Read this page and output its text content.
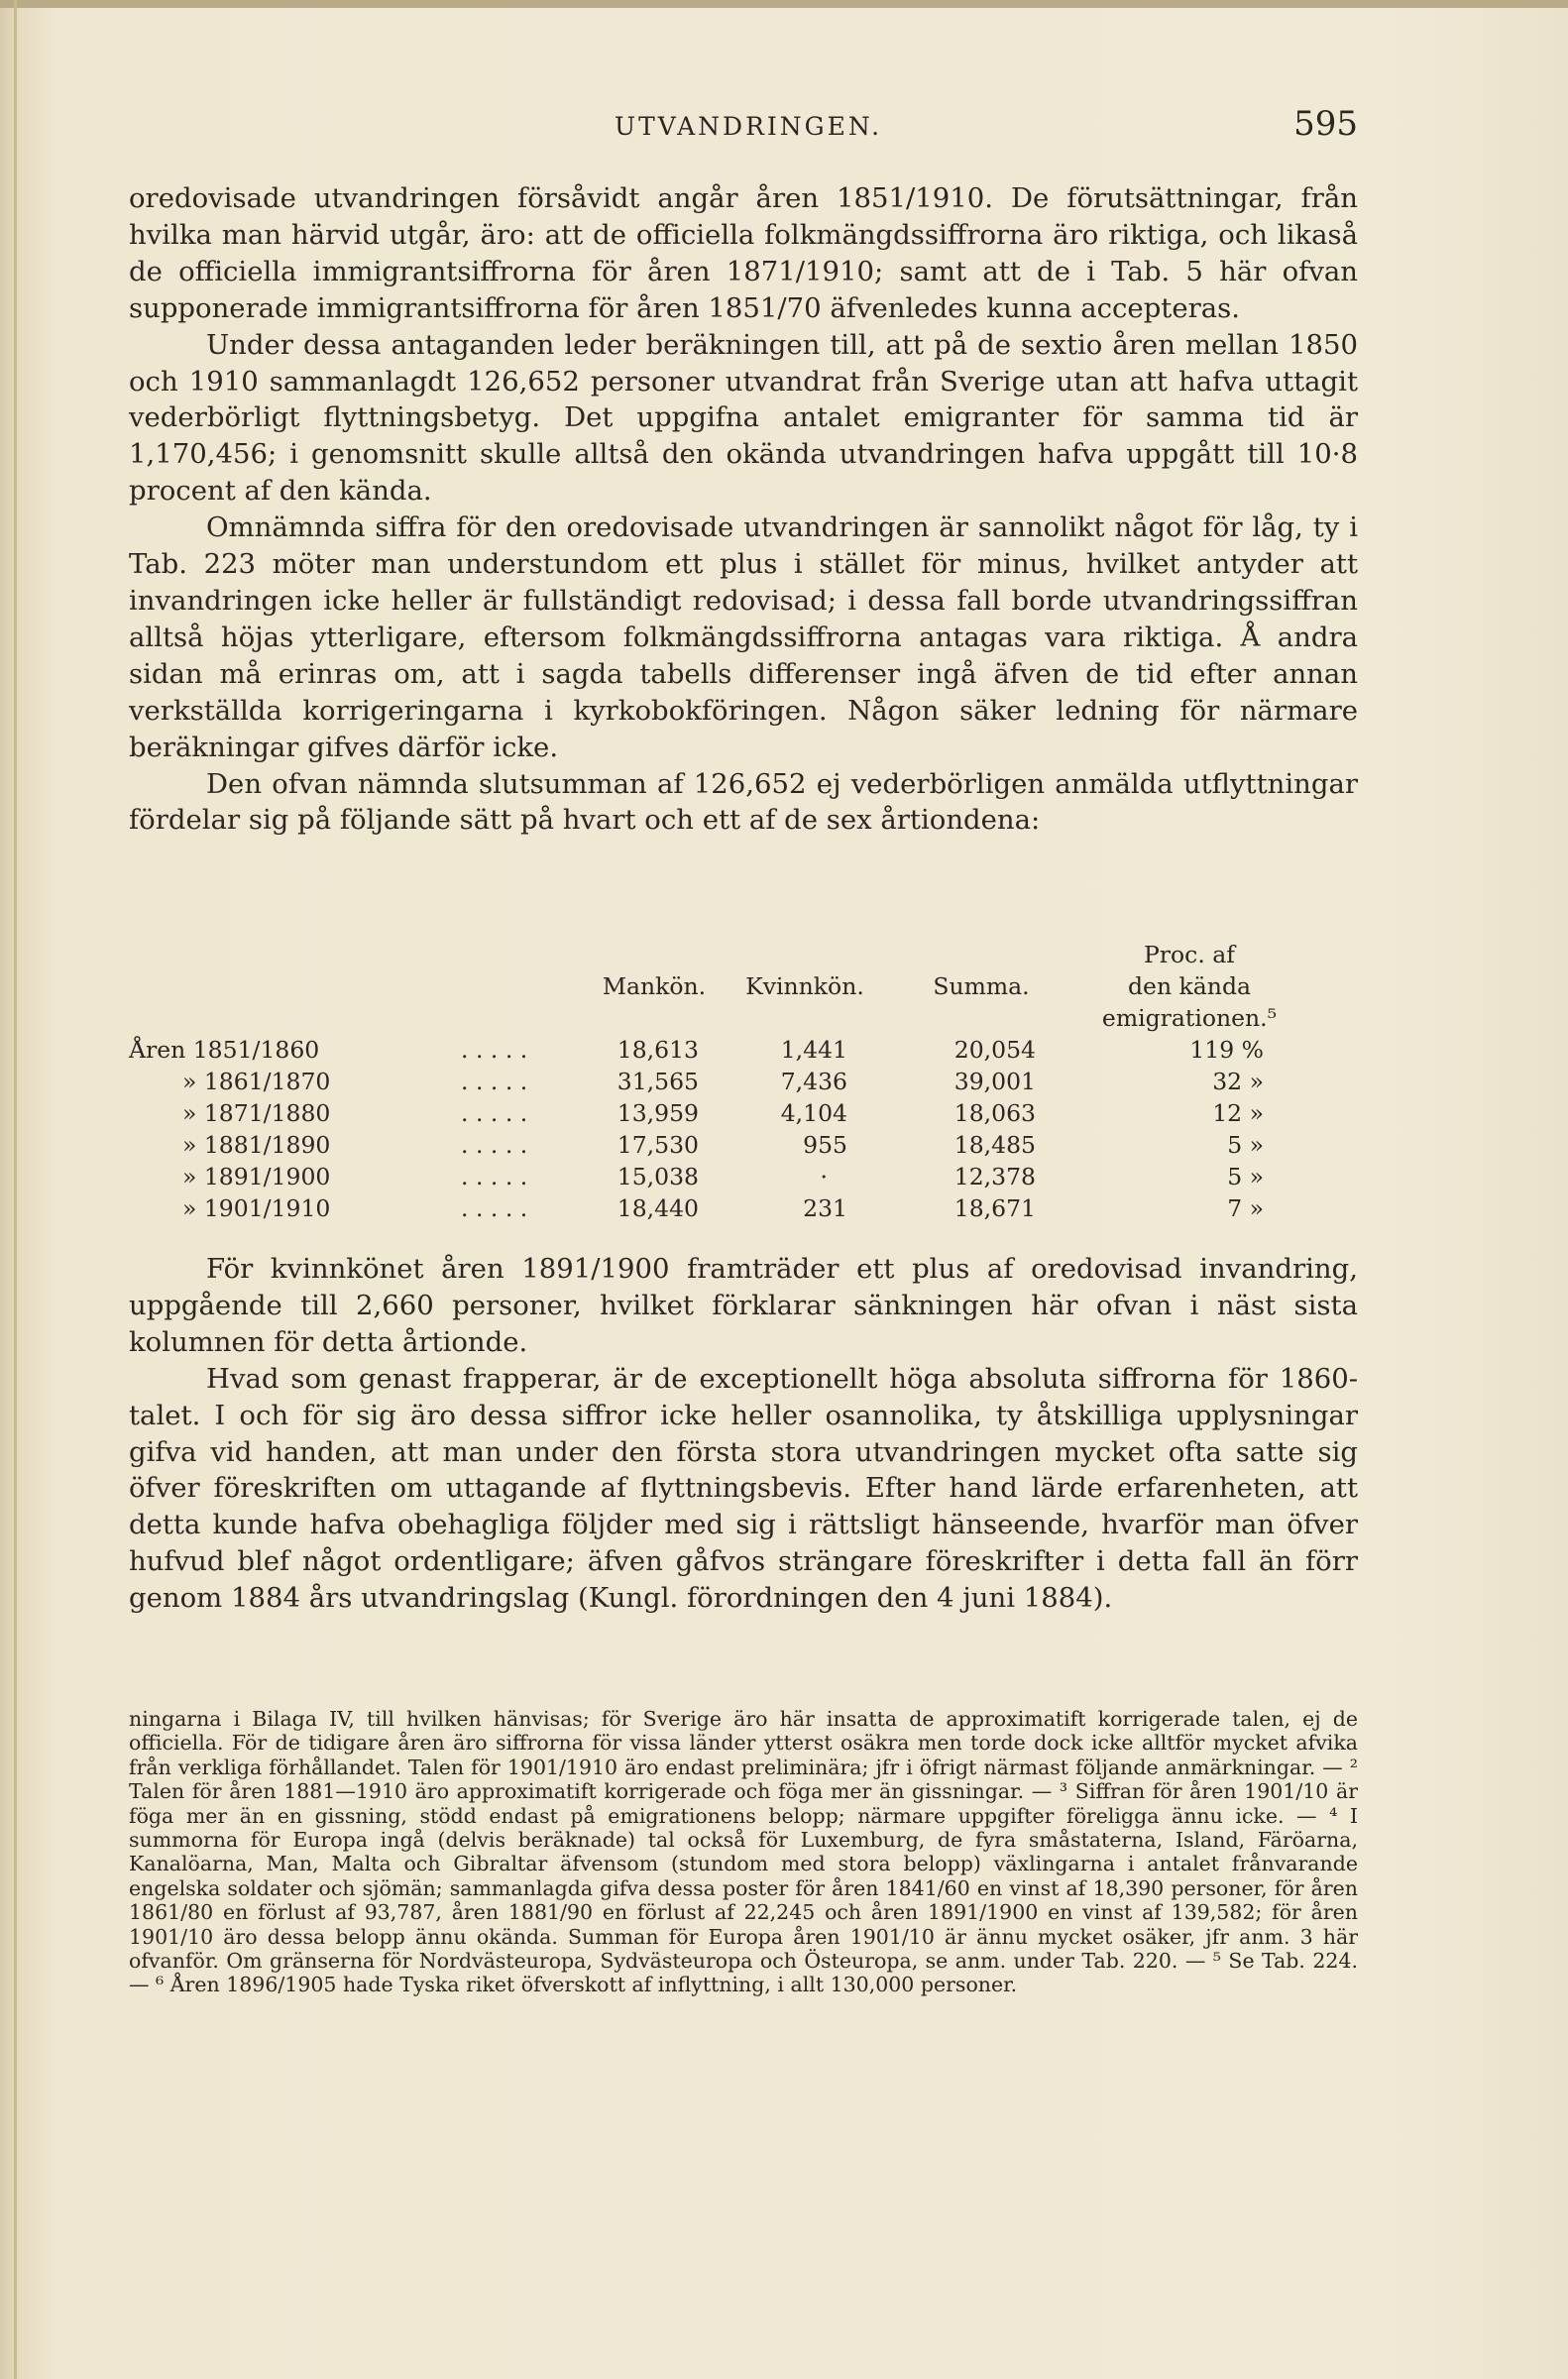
UTVANDRINGEN.	595

oredovisade utvandringen försåvidt angår åren 1851/1910. De förutsättningar, från hvilka man härvid utgår, äro: att de officiella folkmängdssiffrorna äro riktiga, och likaså de officiella immigrantsiffrorna för åren 1871/1910; samt att de i Tab. 5 här ofvan supponerade immigrantsiffrorna för åren 1851/70 äfvenledes kunna accepteras.

Under dessa antaganden leder beräkningen till, att på de sextio åren mellan 1850 och 1910 sammanlagdt 126,652 personer utvandrat från Sverige utan att hafva uttagit vederbörligt flyttningsbetyg. Det uppgifna antalet emigranter för samma tid är 1,170,456; i genomsnitt skulle alltså den okända utvandringen hafva uppgått till 10·8 procent af den kända.

Omnämnda siffra för den oredovisade utvandringen är sannolikt något för låg, ty i Tab. 223 möter man understundom ett plus i stället för minus, hvilket antyder att invandringen icke heller är fullständigt redovisad; i dessa fall borde utvandringssiffran alltså höjas ytterligare, eftersom folkmängdssiffrorna antagas vara riktiga. Å andra sidan må erinras om, att i sagda tabells differenser ingå äfven de tid efter annan verkställda korrigeringarna i kyrkobokföringen. Någon säker ledning för närmare beräkningar gifves därför icke.

Den ofvan nämnda slutsumman af 126,652 ej vederbörligen anmälda utflyttningar fördelar sig på följande sätt på hvart och ett af de sex årtiondena:

Mankön.	Kvinnkön.	Summa.
Proc. af
den kända
emigrationen.⁵
Åren 1851/1860	. . . . .	18,613	1,441	20,054	119 %
» 1861/1870	. . . . .	31,565	7,436	39,001	32 »
» 1871/1880	. . . . .	13,959	4,104	18,063	12 »
» 1881/1890	. . . . .	17,530	955	18,485	5 »
» 1891/1900	. . . . .	15,038	·	12,378	5 »
» 1901/1910	. . . . .	18,440	231	18,671	7 »

För kvinnkönet åren 1891/1900 framträder ett plus af oredovisad invandring, uppgående till 2,660 personer, hvilket förklarar sänkningen här ofvan i näst sista kolumnen för detta årtionde.

Hvad som genast frapperar, är de exceptionellt höga absoluta siffrorna för 1860-talet. I och för sig äro dessa siffror icke heller osannolika, ty åtskilliga upplysningar gifva vid handen, att man under den första stora utvandringen mycket ofta satte sig öfver föreskriften om uttagande af flyttningsbevis. Efter hand lärde erfarenheten, att detta kunde hafva obehagliga följder med sig i rättsligt hänseende, hvarför man öfver hufvud blef något ordentligare; äfven gåfvos strängare föreskrifter i detta fall än förr genom 1884 års utvandringslag (Kungl. förordningen den 4 juni 1884).

ningarna i Bilaga IV, till hvilken hänvisas; för Sverige äro här insatta de approximatift korrigerade talen, ej de officiella. För de tidigare åren äro siffrorna för vissa länder ytterst osäkra men torde dock icke alltför mycket afvika från verkliga förhållandet. Talen för 1901/1910 äro endast preliminära; jfr i öfrigt närmast följande anmärkningar. — ² Talen för åren 1881—1910 äro approximatift korrigerade och föga mer än gissningar. — ³ Siffran för åren 1901/10 är föga mer än en gissning, stödd endast på emigrationens belopp; närmare uppgifter föreligga ännu icke. — ⁴ I summorna för Europa ingå (delvis beräknade) tal också för Luxemburg, de fyra småstaterna, Island, Färöarna, Kanalöarna, Man, Malta och Gibraltar äfvensom (stundom med stora belopp) växlingarna i antalet frånvarande engelska soldater och sjömän; sammanlagda gifva dessa poster för åren 1841/60 en vinst af 18,390 personer, för åren 1861/80 en förlust af 93,787, åren 1881/90 en förlust af 22,245 och åren 1891/1900 en vinst af 139,582; för åren 1901/10 äro dessa belopp ännu okända. Summan för Europa åren 1901/10 är ännu mycket osäker, jfr anm. 3 här ofvanför. Om gränserna för Nordvästeuropa, Sydvästeuropa och Östeuropa, se anm. under Tab. 220. — ⁵ Se Tab. 224. — ⁶ Åren 1896/1905 hade Tyska riket öfverskott af inflyttning, i allt 130,000 personer.
